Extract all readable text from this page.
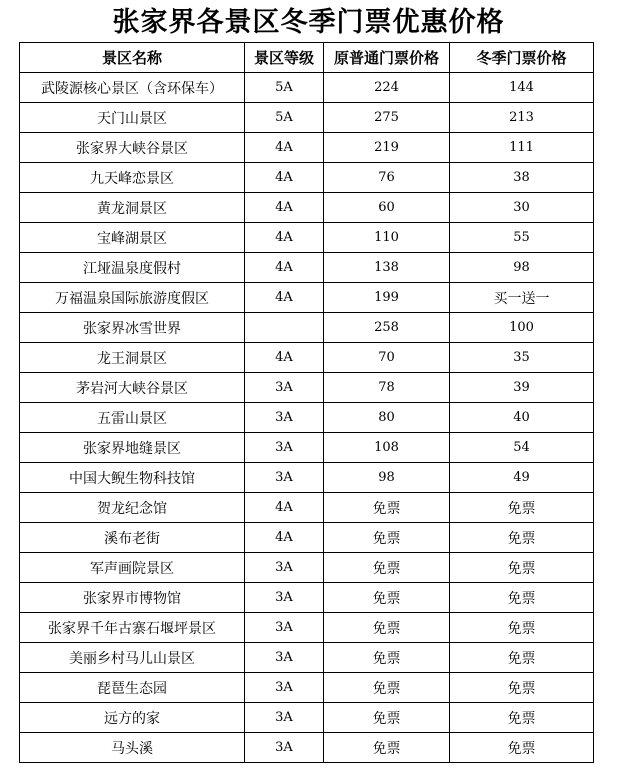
张家界各景区冬季门票优惠价格
景区名称	景区等级	原普通门票价格	冬季门票价格
武陵源核心景区（含环保车）	5A	224	144
天门山景区	5A	275	213
张家界大峡谷景区	4A	219	111
九天峰恋景区	4A	76	38
黄龙洞景区	4A	60	30
宝峰湖景区	4A	110	55
江垭温泉度假村	4A	138	98
万福温泉国际旅游度假区	4A	199	买一送一
张家界冰雪世界		258	100
龙王洞景区	4A	70	35
茅岩河大峡谷景区	3A	78	39
五雷山景区	3A	80	40
张家界地缝景区	3A	108	54
中国大鲵生物科技馆	3A	98	49
贺龙纪念馆	4A	免票	免票
溪布老街	4A	免票	免票
军声画院景区	3A	免票	免票
张家界市博物馆	3A	免票	免票
张家界千年古寨石堰坪景区	3A	免票	免票
美丽乡村马儿山景区	3A	免票	免票
琵琶生态园	3A	免票	免票
远方的家	3A	免票	免票
马头溪	3A	免票	免票
